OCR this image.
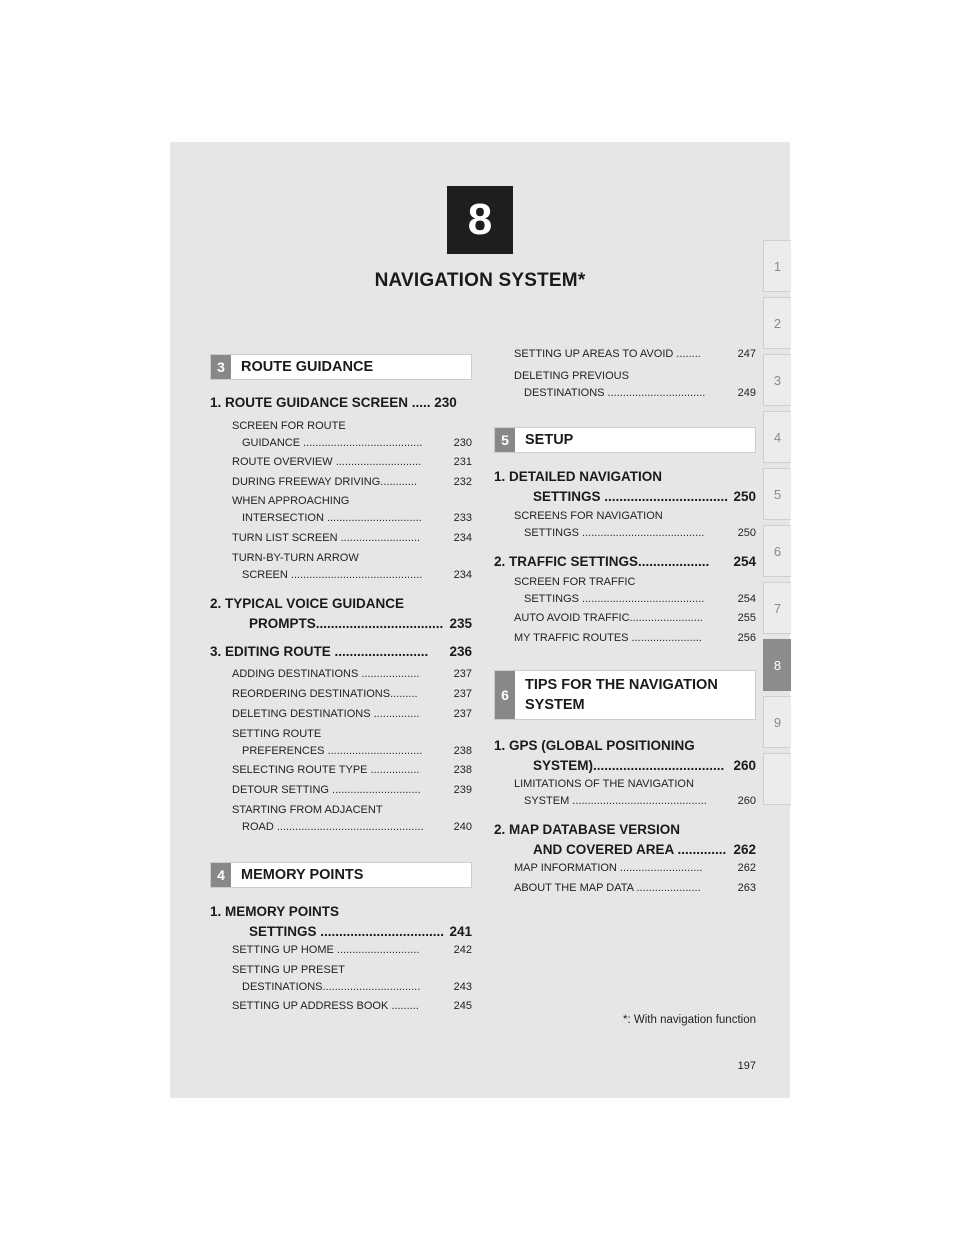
8
NAVIGATION SYSTEM*
1
2
3
4
5
6
7
8
9
3	ROUTE GUIDANCE
1. ROUTE GUIDANCE SCREEN ..... 230
SCREEN FOR ROUTE
GUIDANCE .......................................	230
ROUTE OVERVIEW ............................	231
DURING FREEWAY DRIVING............	232
WHEN APPROACHING
INTERSECTION ...............................	233
TURN LIST SCREEN ..........................	234
TURN-BY-TURN ARROW
SCREEN ...........................................	234
2. TYPICAL VOICE GUIDANCE
PROMPTS.................................. 235
3. EDITING ROUTE .........................	236
ADDING DESTINATIONS ...................	237
REORDERING DESTINATIONS.........	237
DELETING DESTINATIONS ...............	237
SETTING ROUTE
PREFERENCES ...............................	238
SELECTING ROUTE TYPE ................	238
DETOUR SETTING .............................	239
STARTING FROM ADJACENT
ROAD ................................................	240
4	MEMORY POINTS
1. MEMORY POINTS
SETTINGS ................................. 241
SETTING UP HOME ...........................	242
SETTING UP PRESET
DESTINATIONS................................	243
SETTING UP ADDRESS BOOK .........	245
SETTING UP AREAS TO AVOID ........	247
DELETING PREVIOUS
DESTINATIONS ................................	249
5	SETUP
1. DETAILED NAVIGATION
SETTINGS ................................. 250
SCREENS FOR NAVIGATION
SETTINGS ........................................	250
2. TRAFFIC SETTINGS...................	254
SCREEN FOR TRAFFIC
SETTINGS ........................................	254
AUTO AVOID TRAFFIC........................	255
MY TRAFFIC ROUTES .......................	256
6
TIPS FOR THE NAVIGATION
SYSTEM
1. GPS (GLOBAL POSITIONING
SYSTEM)................................... 260
LIMITATIONS OF THE NAVIGATION
SYSTEM ............................................	260
2. MAP DATABASE VERSION
AND COVERED AREA ............. 262
MAP INFORMATION ...........................	262
ABOUT THE MAP DATA .....................	263
*: With navigation function
197
